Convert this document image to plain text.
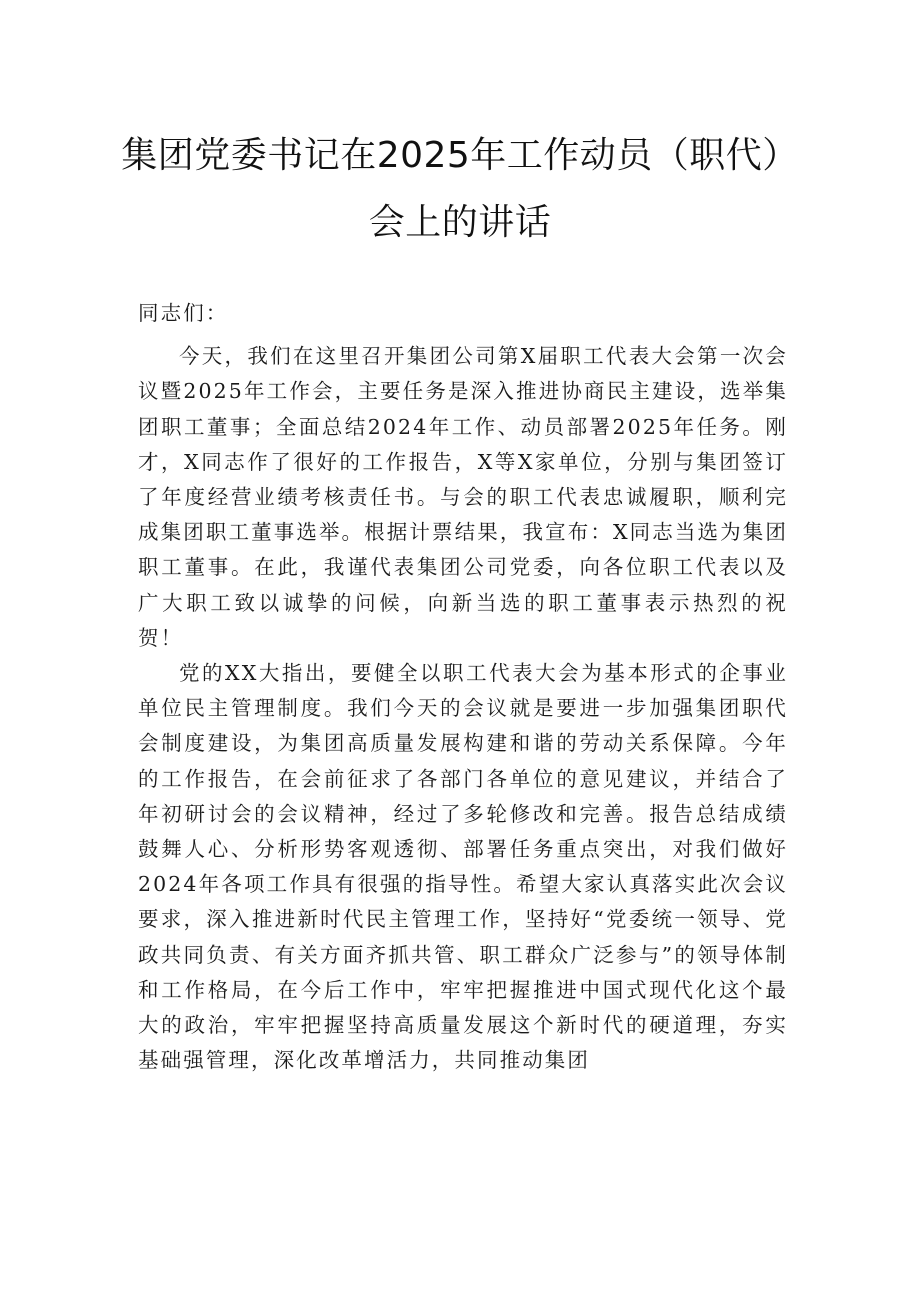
集团党委书记在2025年工作动员（职代）
会上的讲话

同志们：

今天，我们在这里召开集团公司第X届职工代表大会第一次会议暨2025年工作会，主要任务是深入推进协商民主建设，选举集团职工董事；全面总结2024年工作、动员部署2025年任务。刚才，X同志作了很好的工作报告，X等X家单位，分别与集团签订了年度经营业绩考核责任书。与会的职工代表忠诚履职，顺利完成集团职工董事选举。根据计票结果，我宣布：X同志当选为集团职工董事。在此，我谨代表集团公司党委，向各位职工代表以及广大职工致以诚挚的问候，向新当选的职工董事表示热烈的祝贺！

党的XX大指出，要健全以职工代表大会为基本形式的企事业单位民主管理制度。我们今天的会议就是要进一步加强集团职代会制度建设，为集团高质量发展构建和谐的劳动关系保障。今年的工作报告，在会前征求了各部门各单位的意见建议，并结合了年初研讨会的会议精神，经过了多轮修改和完善。报告总结成绩鼓舞人心、分析形势客观透彻、部署任务重点突出，对我们做好2024年各项工作具有很强的指导性。希望大家认真落实此次会议要求，深入推进新时代民主管理工作，坚持好“党委统一领导、党政共同负责、有关方面齐抓共管、职工群众广泛参与”的领导体制和工作格局，在今后工作中，牢牢把握推进中国式现代化这个最大的政治，牢牢把握坚持高质量发展这个新时代的硬道理，夯实基础强管理，深化改革增活力，共同推动集团
